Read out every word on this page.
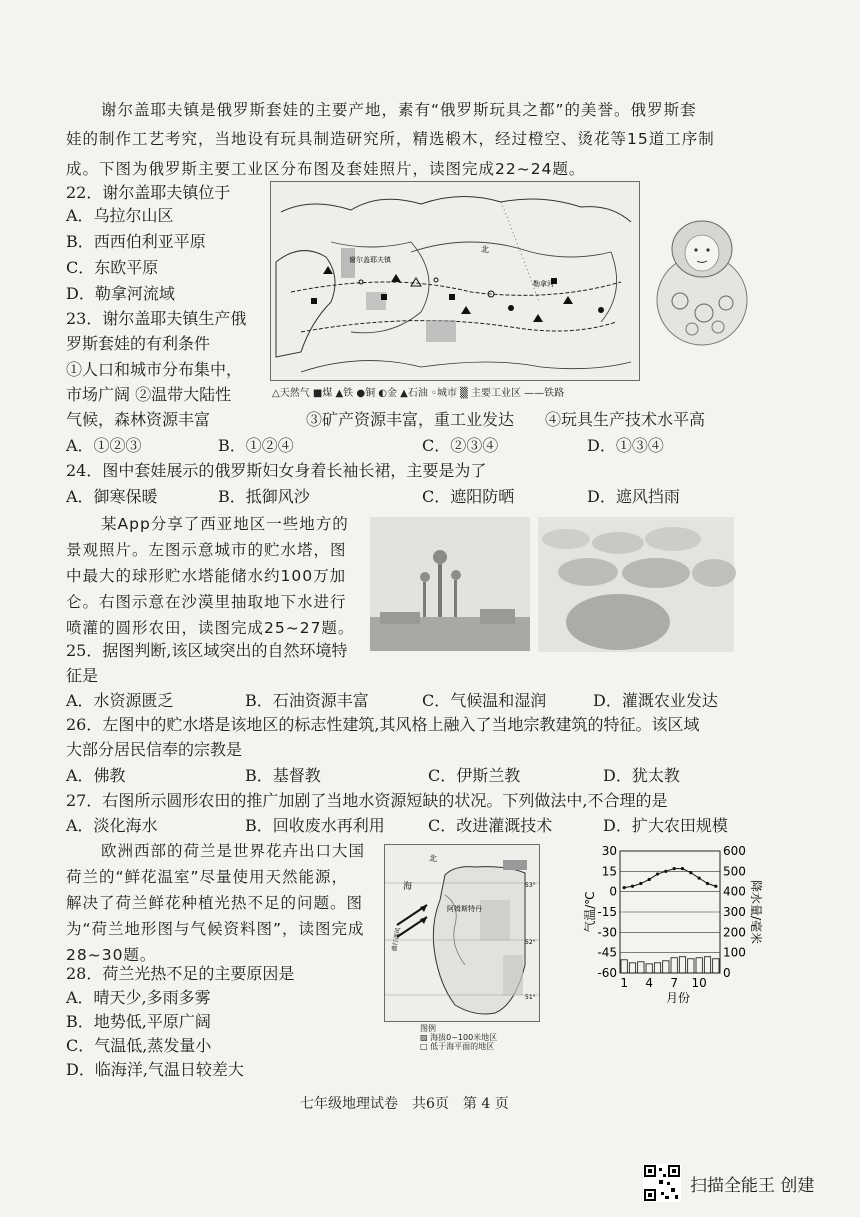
谢尔盖耶夫镇是俄罗斯套娃的主要产地，素有“俄罗斯玩具之都”的美誉。俄罗斯套
娃的制作工艺考究，当地设有玩具制造研究所，精选椴木，经过橙空、烫花等15道工序制
成。下图为俄罗斯主要工业区分布图及套娃照片，读图完成22~24题。
22．谢尔盖耶夫镇位于
A．乌拉尔山区
B．西西伯利亚平原
C．东欧平原
D．勒拿河流域
23．谢尔盖耶夫镇生产俄
罗斯套娃的有利条件
①人口和城市分布集中，
市场广阔 ②温带大陆性
气候，森林资源丰富	③矿产资源丰富，重工业发达 ④玩具生产技术水平高
A．①②③	B．①②④	C．②③④	D．①③④
谢尔盖耶夫镇
勒拿河
北
△天然气 ■煤 ▲铁 ●铜 ◐金 ▲石油 ◦城市 ▒ 主要工业区 ——铁路
24．图中套娃展示的俄罗斯妇女身着长袖长裙，主要是为了
A．御寒保暖	B．抵御风沙	C．遮阳防晒	D．遮风挡雨
某App分享了西亚地区一些地方的
景观照片。左图示意城市的贮水塔，图
中最大的球形贮水塔能储水约100万加
仑。右图示意在沙漠里抽取地下水进行
喷灌的圆形农田，读图完成25~27题。
25．据图判断,该区域突出的自然环境特
征是
A．水资源匮乏	B．石油资源丰富	C．气候温和湿润	D．灌溉农业发达
26．左图中的贮水塔是该地区的标志性建筑,其风格上融入了当地宗教建筑的特征。该区域
大部分居民信奉的宗教是
A．佛教	B．基督教	C．伊斯兰教	D．犹太教
27．右图所示圆形农田的推广加剧了当地水资源短缺的状况。下列做法中,不合理的是
A．淡化海水	B．回收废水再利用	C．改进灌溉技术	D．扩大农田规模
欧洲西部的荷兰是世界花卉出口大国
荷兰的“鲜花温室”尽量使用天然能源，
解决了荷兰鲜花种植光热不足的问题。图
为“荷兰地形图与气候资料图”，读图完成
28~30题。
北
海
阿姆斯特丹
盛行西风
53°
52°
51°
图例
▨ 海拔0~100米地区
□ 低于海平面的地区
30
15
0
-15
-30
-45
-60
600
500
400
300
200
100
0
1 4 7 10
月份
气温/℃	降水量/毫米
28．荷兰光热不足的主要原因是
A．晴天少,多雨多雾
B．地势低,平原广阔
C．气温低,蒸发量小
D．临海洋,气温日较差大
七年级地理试卷　共6页　第 4 页
扫描全能王 创建
